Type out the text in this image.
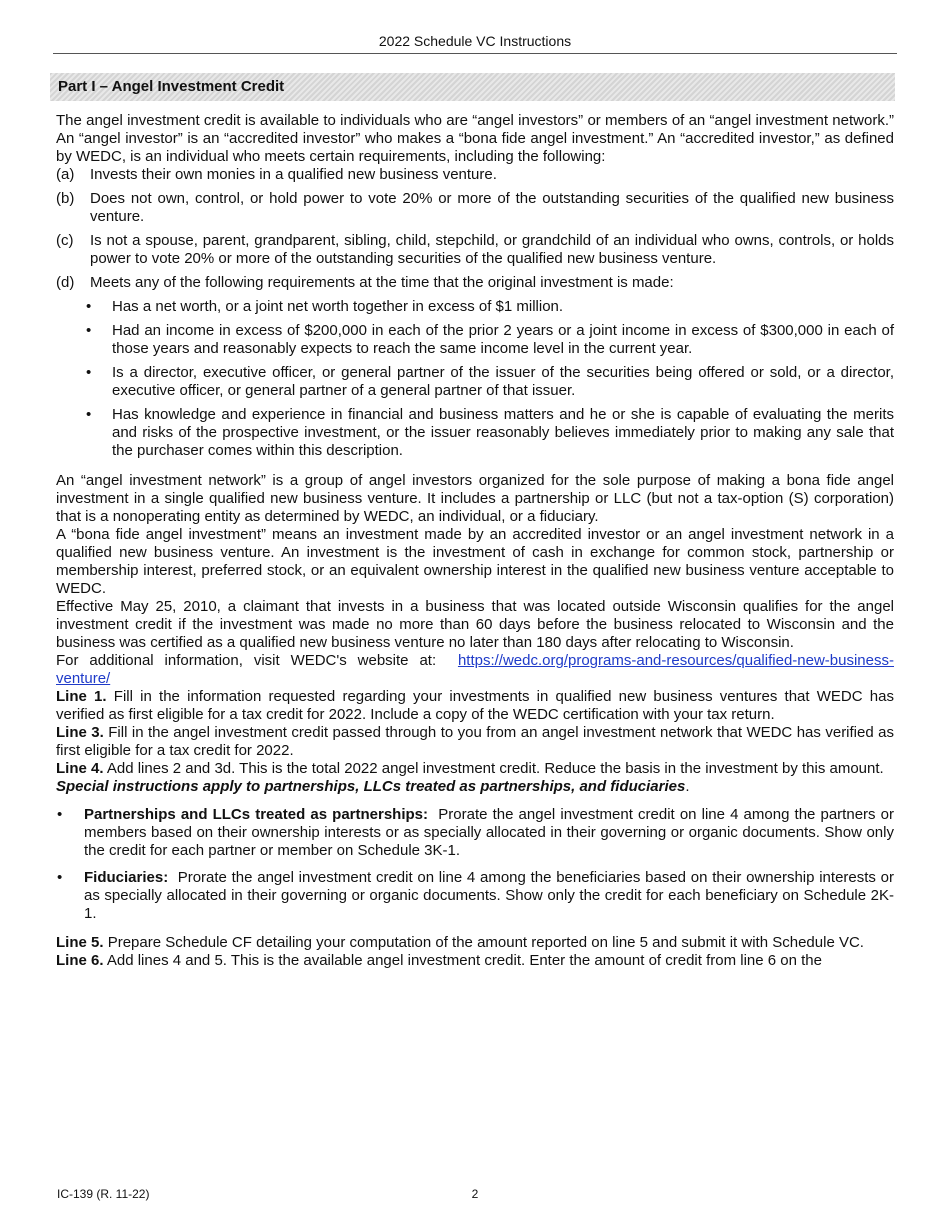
2022 Schedule VC Instructions
Part I – Angel Investment Credit

The angel investment credit is available to individuals who are “angel investors” or members of an “angel investment network.” An “angel investor” is an “accredited investor” who makes a “bona fide angel investment.” An “accredited investor,” as defined by WEDC, is an individual who meets certain requirements, including the following:

(a) Invests their own monies in a qualified new business venture.
(b) Does not own, control, or hold power to vote 20% or more of the outstanding securities of the qualified new business venture.
(c) Is not a spouse, parent, grandparent, sibling, child, stepchild, or grandchild of an individual who owns, controls, or holds power to vote 20% or more of the outstanding securities of the qualified new business venture.
(d) Meets any of the following requirements at the time that the original investment is made:
• Has a net worth, or a joint net worth together in excess of $1 million.
• Had an income in excess of $200,000 in each of the prior 2 years or a joint income in excess of $300,000 in each of those years and reasonably expects to reach the same income level in the current year.
• Is a director, executive officer, or general partner of the issuer of the securities being offered or sold, or a director, executive officer, or general partner of a general partner of that issuer.
• Has knowledge and experience in financial and business matters and he or she is capable of evaluating the merits and risks of the prospective investment, or the issuer reasonably believes immediately prior to making any sale that the purchaser comes within this description.

An “angel investment network” is a group of angel investors organized for the sole purpose of making a bona fide angel investment in a single qualified new business venture. It includes a partnership or LLC (but not a tax-option (S) corporation) that is a nonoperating entity as determined by WEDC, an individual, or a fiduciary.

A “bona fide angel investment” means an investment made by an accredited investor or an angel investment network in a qualified new business venture. An investment is the investment of cash in exchange for common stock, partnership or membership interest, preferred stock, or an equivalent ownership interest in the qualified new business venture acceptable to WEDC.

Effective May 25, 2010, a claimant that invests in a business that was located outside Wisconsin qualifies for the angel investment credit if the investment was made no more than 60 days before the business relocated to Wisconsin and the business was certified as a qualified new business venture no later than 180 days after relocating to Wisconsin.

For additional information, visit WEDC's website at: https://wedc.org/programs-and-resources/qualified-new-business-venture/

Line 1. Fill in the information requested regarding your investments in qualified new business ventures that WEDC has verified as first eligible for a tax credit for 2022. Include a copy of the WEDC certification with your tax return.

Line 3. Fill in the angel investment credit passed through to you from an angel investment network that WEDC has verified as first eligible for a tax credit for 2022.

Line 4. Add lines 2 and 3d. This is the total 2022 angel investment credit. Reduce the basis in the investment by this amount.

Special instructions apply to partnerships, LLCs treated as partnerships, and fiduciaries.

• Partnerships and LLCs treated as partnerships: Prorate the angel investment credit on line 4 among the partners or members based on their ownership interests or as specially allocated in their governing or organic documents. Show only the credit for each partner or member on Schedule 3K-1.
• Fiduciaries: Prorate the angel investment credit on line 4 among the beneficiaries based on their ownership interests or as specially allocated in their governing or organic documents. Show only the credit for each beneficiary on Schedule 2K-1.

Line 5. Prepare Schedule CF detailing your computation of the amount reported on line 5 and submit it with Schedule VC.

Line 6. Add lines 4 and 5. This is the available angel investment credit. Enter the amount of credit from line 6 on the

IC-139 (R. 11-22)	2
